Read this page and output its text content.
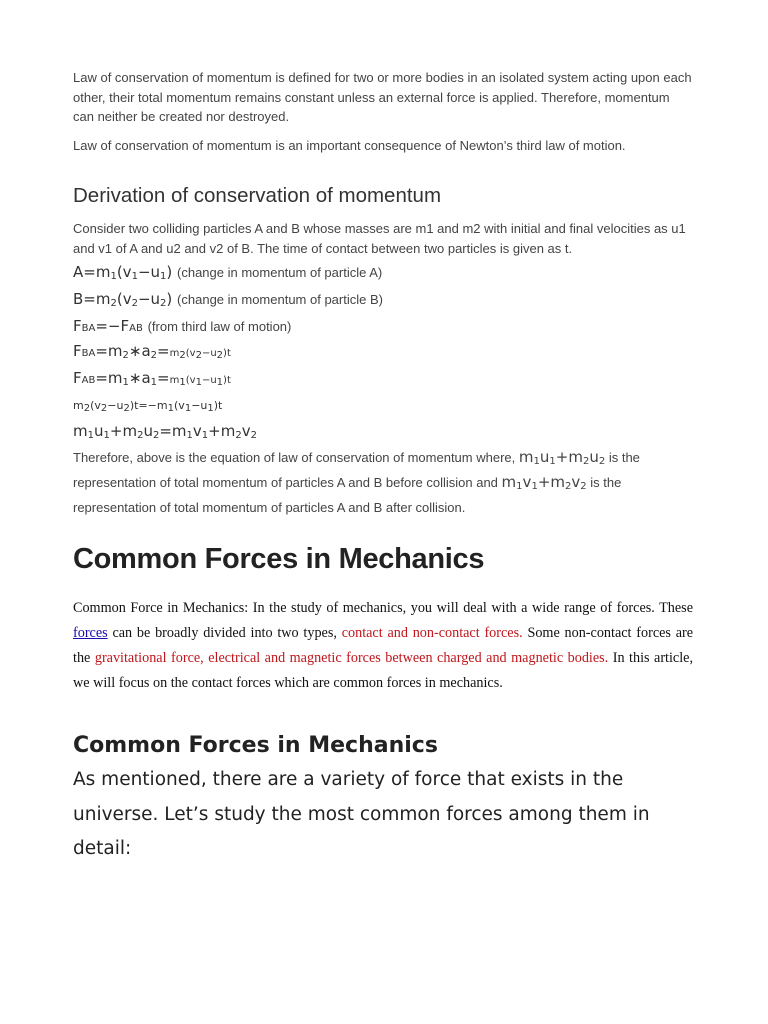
Law of conservation of momentum is defined for two or more bodies in an isolated system acting upon each other, their total momentum remains constant unless an external force is applied. Therefore, momentum can neither be created nor destroyed.

Law of conservation of momentum is an important consequence of Newton’s third law of motion.

Derivation of conservation of momentum

Consider two colliding particles A and B whose masses are m1 and m2 with initial and final velocities as u1 and v1 of A and u2 and v2 of B. The time of contact between two particles is given as t.

$A=m_1(v_1-u_1)$ (change in momentum of particle A)
$B=m_2(v_2-u_2)$ (change in momentum of particle B)
FBA=−FAB (from third law of motion)
$FBA=m_2∗a_2=m_2(v_2-u_2)t$
$FAB=m_1∗a_1=m_1(v_1-u_1)t$
$m_2(v_2-u_2)t=-m_1(v_1-u_1)t$
$m_1u_1+m_2u_2=m_1v_1+m_2v_2$

Therefore, above is the equation of law of conservation of momentum where, $m_1u_1+m_2u_2$ is the representation of total momentum of particles A and B before collision and $m_1v_1+m_2v_2$ is the representation of total momentum of particles A and B after collision.

Common Forces in Mechanics

Common Force in Mechanics: In the study of mechanics, you will deal with a wide range of forces. These forces can be broadly divided into two types, contact and non-contact forces. Some non-contact forces are the gravitational force, electrical and magnetic forces between charged and magnetic bodies. In this article, we will focus on the contact forces which are common forces in mechanics.

Common Forces in Mechanics

As mentioned, there are a variety of force that exists in the universe. Let’s study the most common forces among them in detail:
